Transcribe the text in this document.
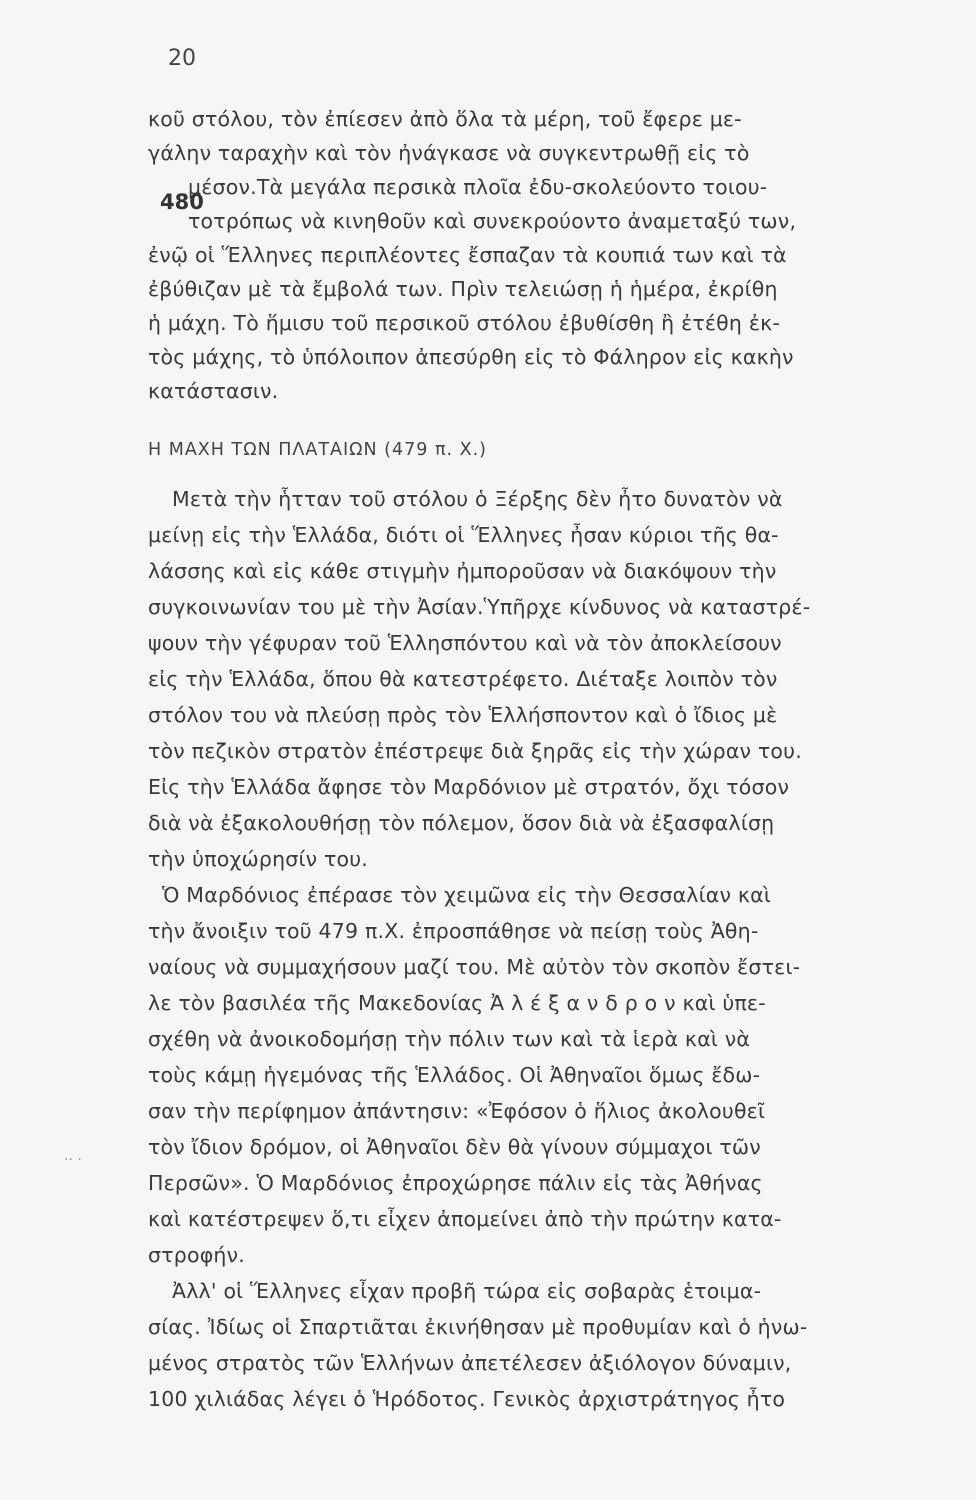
20
480
κοῦ στόλου, τὸν ἐπίεσεν ἀπὸ ὅλα τὰ μέρη, τοῦ ἔφερε με-
γάλην ταραχὴν καὶ τὸν ἠνάγκασε νὰ συγκεντρωθῇ εἰς τὸ
μέσον.Τὰ μεγάλα περσικὰ πλοῖα ἐδυ-σκολεύοντο τοιου-
τοτρόπως νὰ κινηθοῦν καὶ συνεκρούοντο ἀναμεταξύ των,
ἐνῷ οἱ Ἕλληνες περιπλέοντες ἔσπαζαν τὰ κουπιά των καὶ τὰ
ἐβύθιζαν μὲ τὰ ἔμβολά των. Πρὶν τελειώσῃ ἡ ἡμέρα, ἐκρίθη
ἡ μάχη. Τὸ ἥμισυ τοῦ περσικοῦ στόλου ἐβυθίσθη ἢ ἐτέθη ἐκ-
τὸς μάχης, τὸ ὑπόλοιπον ἀπεσύρθη εἰς τὸ Φάληρον εἰς κακὴν
κατάστασιν.
Η ΜΑΧΗ ΤΩΝ ΠΛΑΤΑΙΩΝ (479 π. Χ.)
Μετὰ τὴν ἧτταν τοῦ στόλου ὁ Ξέρξης δὲν ἦτο δυνατὸν νὰ
μείνῃ εἰς τὴν Ἑλλάδα, διότι οἱ Ἕλληνες ἦσαν κύριοι τῆς θα-
λάσσης καὶ εἰς κάθε στιγμὴν ἠμποροῦσαν νὰ διακόψουν τὴν
συγκοινωνίαν του μὲ τὴν Ἀσίαν.Ὑπῆρχε κίνδυνος νὰ καταστρέ-
ψουν τὴν γέφυραν τοῦ Ἑλλησπόντου καὶ νὰ τὸν ἀποκλείσουν
εἰς τὴν Ἑλλάδα, ὅπου θὰ κατεστρέφετο. Διέταξε λοιπὸν τὸν
στόλον του νὰ πλεύσῃ πρὸς τὸν Ἑλλήσποντον καὶ ὁ ἴδιος μὲ
τὸν πεζικὸν στρατὸν ἐπέστρεψε διὰ ξηρᾶς εἰς τὴν χώραν του.
Εἰς τὴν Ἑλλάδα ἄφησε τὸν Μαρδόνιον μὲ στρατόν, ὄχι τόσον
διὰ νὰ ἐξακολουθήσῃ τὸν πόλεμον, ὅσον διὰ νὰ ἐξασφαλίσῃ
τὴν ὑποχώρησίν του.
Ὁ Μαρδόνιος ἐπέρασε τὸν χειμῶνα εἰς τὴν Θεσσαλίαν καὶ
τὴν ἄνοιξιν τοῦ 479 π.Χ. ἐπροσπάθησε νὰ πείσῃ τοὺς Ἀθη-
ναίους νὰ συμμαχήσουν μαζί του. Μὲ αὐτὸν τὸν σκοπὸν ἔστει-
λε τὸν βασιλέα τῆς Μακεδονίας Ἀ λ έ ξ α ν δ ρ ο ν καὶ ὑπε-
σχέθη νὰ ἀνοικοδομήσῃ τὴν πόλιν των καὶ τὰ ἱερὰ καὶ νὰ
τοὺς κάμῃ ἡγεμόνας τῆς Ἑλλάδος. Οἱ Ἀθηναῖοι ὅμως ἔδω-
σαν τὴν περίφημον ἀπάντησιν: «Ἐφόσον ὁ ἥλιος ἀκολουθεῖ
τὸν ἴδιον δρόμον, οἱ Ἀθηναῖοι δὲν θὰ γίνουν σύμμαχοι τῶν
Περσῶν». Ὁ Μαρδόνιος ἐπροχώρησε πάλιν εἰς τὰς Ἀθήνας
καὶ κατέστρεψεν ὅ,τι εἶχεν ἀπομείνει ἀπὸ τὴν πρώτην κατα-
στροφήν.
Ἀλλ' οἱ Ἕλληνες εἶχαν προβῆ τώρα εἰς σοβαρὰς ἑτοιμα-
σίας. Ἰδίως οἱ Σπαρτιᾶται ἐκινήθησαν μὲ προθυμίαν καὶ ὁ ἡνω-
μένος στρατὸς τῶν Ἑλλήνων ἀπετέλεσεν ἀξιόλογον δύναμιν,
100 χιλιάδας λέγει ὁ Ἡρόδοτος. Γενικὸς ἀρχιστράτηγος ἦτο
·· ·
